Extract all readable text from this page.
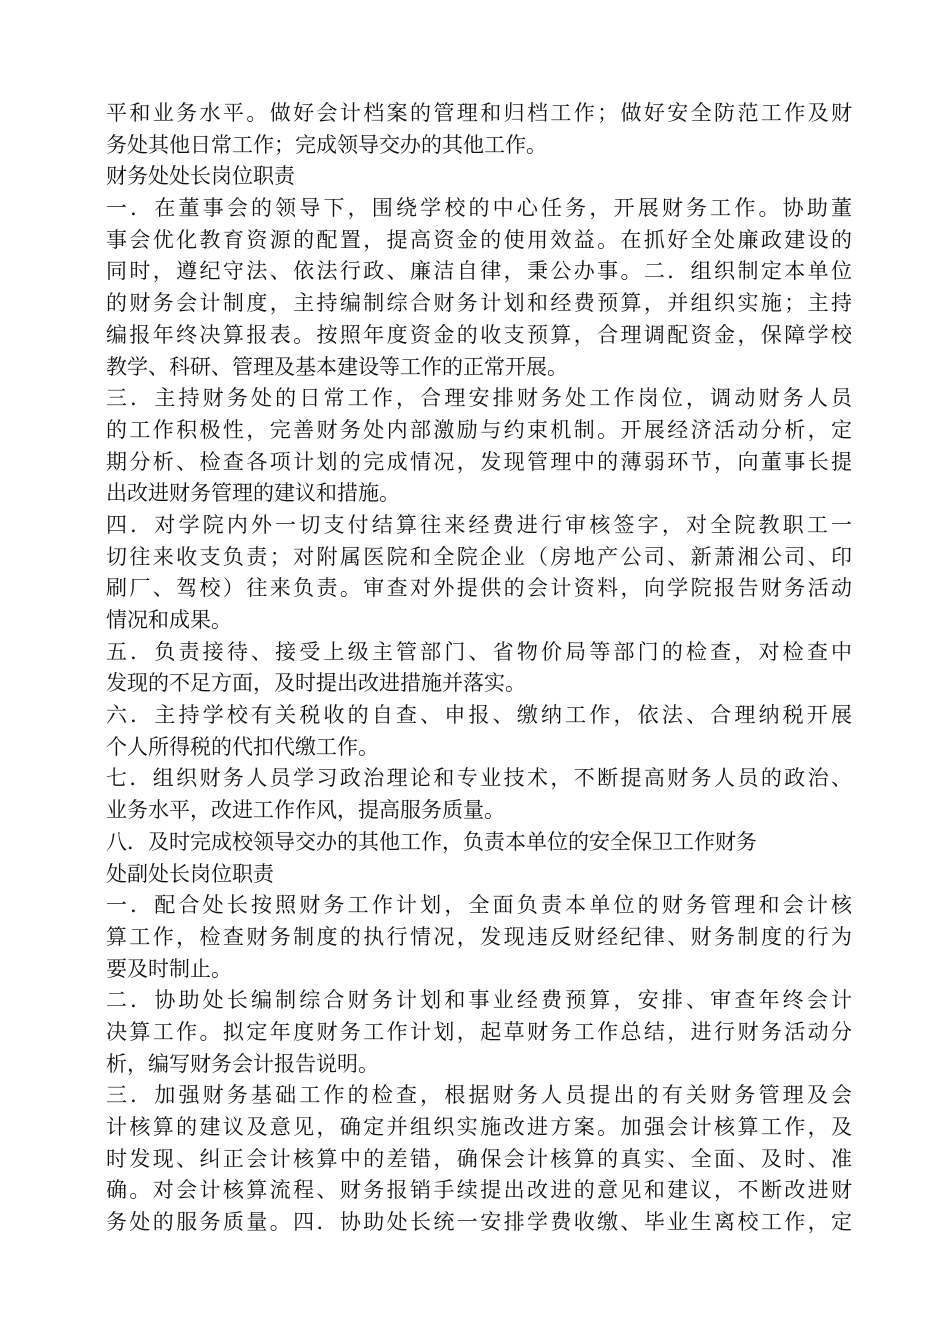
平和业务水平。做好会计档案的管理和归档工作；做好安全防范工作及财
务处其他日常工作；完成领导交办的其他工作。
财务处处长岗位职责
一．在董事会的领导下，围绕学校的中心任务，开展财务工作。协助董
事会优化教育资源的配置，提高资金的使用效益。在抓好全处廉政建设的
同时，遵纪守法、依法行政、廉洁自律，秉公办事。二．组织制定本单位
的财务会计制度，主持编制综合财务计划和经费预算，并组织实施；主持
编报年终决算报表。按照年度资金的收支预算，合理调配资金，保障学校
教学、科研、管理及基本建设等工作的正常开展。
三．主持财务处的日常工作，合理安排财务处工作岗位，调动财务人员
的工作积极性，完善财务处内部激励与约束机制。开展经济活动分析，定
期分析、检查各项计划的完成情况，发现管理中的薄弱环节，向董事长提
出改进财务管理的建议和措施。
四．对学院内外一切支付结算往来经费进行审核签字，对全院教职工一
切往来收支负责；对附属医院和全院企业（房地产公司、新萧湘公司、印
刷厂、驾校）往来负责。审查对外提供的会计资料，向学院报告财务活动
情况和成果。
五．负责接待、接受上级主管部门、省物价局等部门的检查，对检查中
发现的不足方面，及时提出改进措施并落实。
六．主持学校有关税收的自查、申报、缴纳工作，依法、合理纳税开展
个人所得税的代扣代缴工作。
七．组织财务人员学习政治理论和专业技术，不断提高财务人员的政治、
业务水平，改进工作作风，提高服务质量。
八．及时完成校领导交办的其他工作，负责本单位的安全保卫工作财务
处副处长岗位职责
一．配合处长按照财务工作计划，全面负责本单位的财务管理和会计核
算工作，检查财务制度的执行情况，发现违反财经纪律、财务制度的行为
要及时制止。
二．协助处长编制综合财务计划和事业经费预算，安排、审查年终会计
决算工作。拟定年度财务工作计划，起草财务工作总结，进行财务活动分
析，编写财务会计报告说明。
三．加强财务基础工作的检查，根据财务人员提出的有关财务管理及会
计核算的建议及意见，确定并组织实施改进方案。加强会计核算工作，及
时发现、纠正会计核算中的差错，确保会计核算的真实、全面、及时、准
确。对会计核算流程、财务报销手续提出改进的意见和建议，不断改进财
务处的服务质量。四．协助处长统一安排学费收缴、毕业生离校工作，定
